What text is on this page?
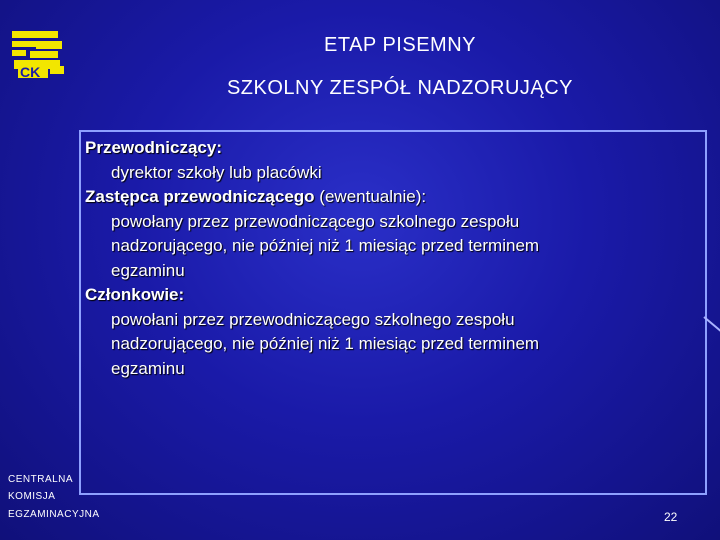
CK
ETAP PISEMNY
SZKOLNY ZESPÓŁ NADZORUJĄCY
Przewodniczący:
dyrektor szkoły lub placówki
Zastępca przewodniczącego (ewentualnie):
powołany przez przewodniczącego szkolnego zespołu
nadzorującego, nie później niż 1 miesiąc przed terminem
egzaminu
Członkowie:
powołani przez przewodniczącego szkolnego zespołu
nadzorującego, nie później niż 1 miesiąc przed terminem
egzaminu
CENTRALNA
KOMISJA
EGZAMINACYJNA	22
